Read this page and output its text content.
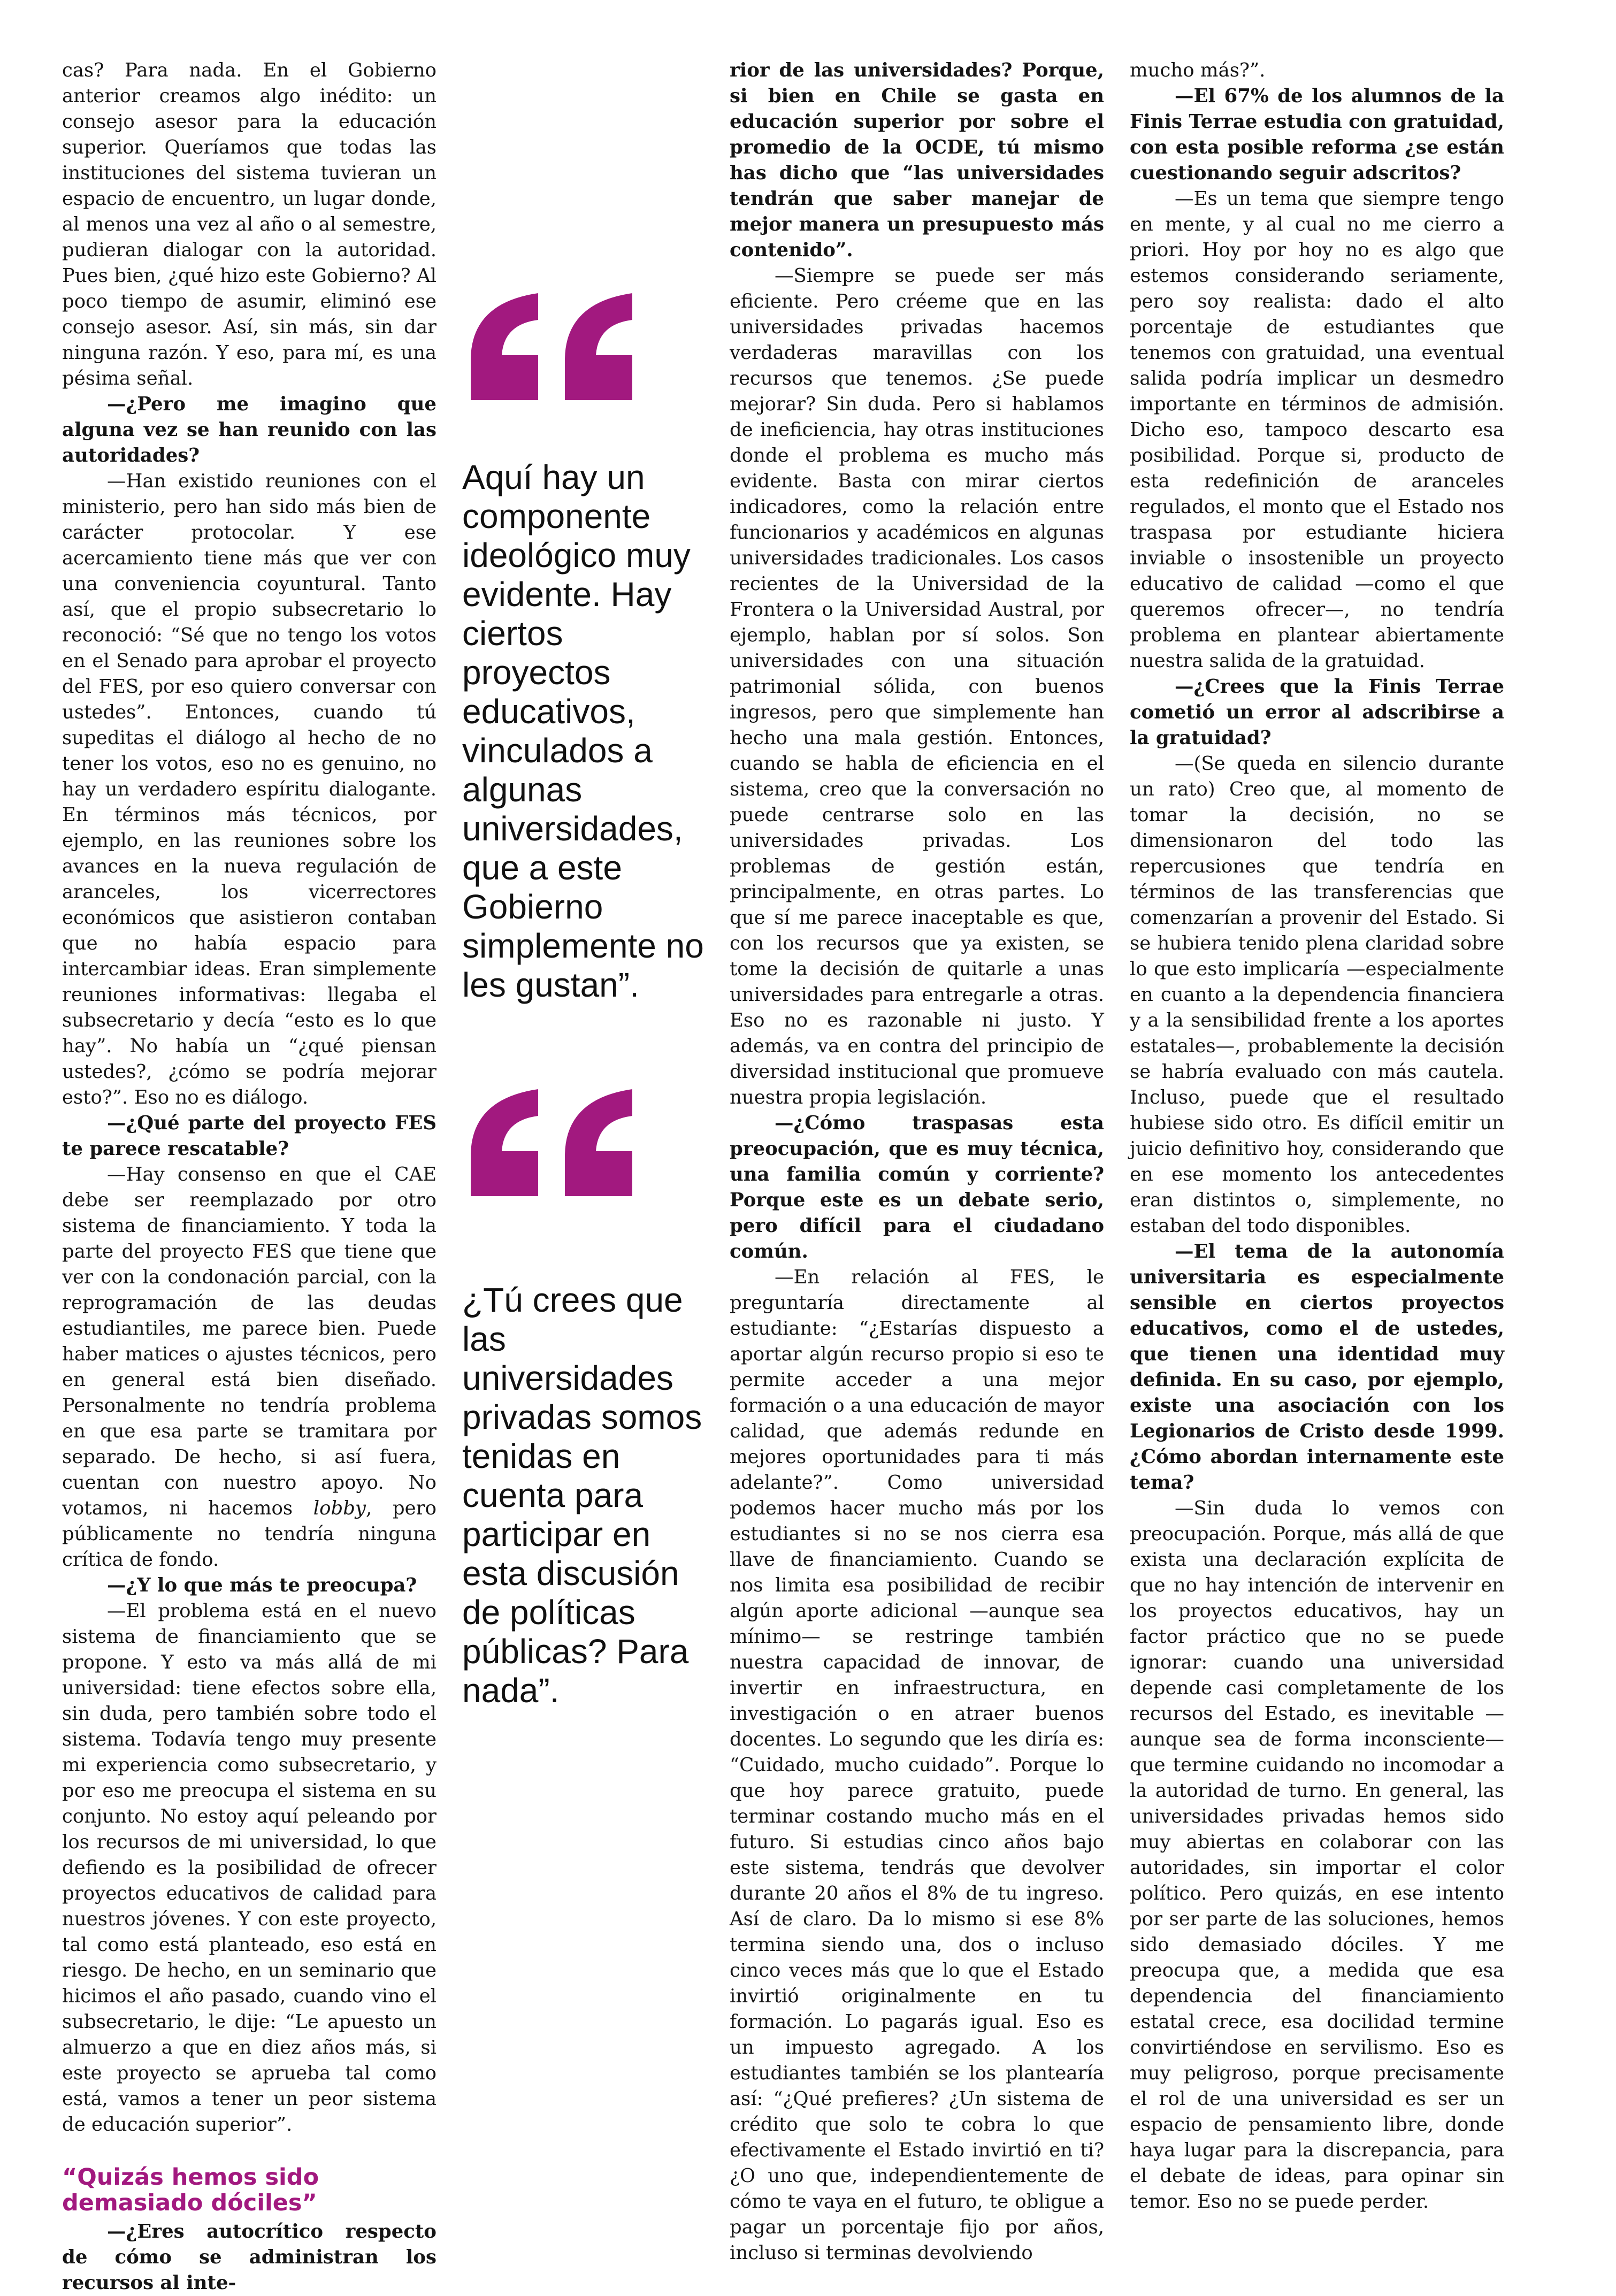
cas? Para nada. En el Gobierno anterior creamos algo inédito: un consejo asesor para la educación superior. Queríamos que todas las instituciones del sistema tuvieran un espacio de encuentro, un lugar donde, al menos una vez al año o al semestre, pudieran dialogar con la autoridad. Pues bien, ¿qué hizo este Gobierno? Al poco tiempo de asumir, eliminó ese consejo asesor. Así, sin más, sin dar ninguna razón. Y eso, para mí, es una pésima señal.

—¿Pero me imagino que alguna vez se han reunido con las autoridades?

—Han existido reuniones con el ministerio, pero han sido más bien de carácter protocolar. Y ese acercamiento tiene más que ver con una conveniencia coyuntural. Tanto así, que el propio subsecretario lo reconoció: “Sé que no tengo los votos en el Senado para aprobar el proyecto del FES, por eso quiero conversar con ustedes”. Entonces, cuando tú supeditas el diálogo al hecho de no tener los votos, eso no es genuino, no hay un verdadero espíritu dialogante. En términos más técnicos, por ejemplo, en las reuniones sobre los avances en la nueva regulación de aranceles, los vicerrectores económicos que asistieron contaban que no había espacio para intercambiar ideas. Eran simplemente reuniones informativas: llegaba el subsecretario y decía “esto es lo que hay”. No había un “¿qué piensan ustedes?, ¿cómo se podría mejorar esto?”. Eso no es diálogo.

—¿Qué parte del proyecto FES te parece rescatable?

—Hay consenso en que el CAE debe ser reemplazado por otro sistema de financiamiento. Y toda la parte del proyecto FES que tiene que ver con la condonación parcial, con la reprogramación de las deudas estudiantiles, me parece bien. Puede haber matices o ajustes técnicos, pero en general está bien diseñado. Personalmente no tendría problema en que esa parte se tramitara por separado. De hecho, si así fuera, cuentan con nuestro apoyo. No votamos, ni hacemos lobby, pero públicamente no tendría ninguna crítica de fondo.

—¿Y lo que más te preocupa?

—El problema está en el nuevo sistema de financiamiento que se propone. Y esto va más allá de mi universidad: tiene efectos sobre ella, sin duda, pero también sobre todo el sistema. Todavía tengo muy presente mi experiencia como subsecretario, y por eso me preocupa el sistema en su conjunto. No estoy aquí peleando por los recursos de mi universidad, lo que defiendo es la posibilidad de ofrecer proyectos educativos de calidad para nuestros jóvenes. Y con este proyecto, tal como está planteado, eso está en riesgo. De hecho, en un seminario que hicimos el año pasado, cuando vino el subsecretario, le dije: “Le apuesto un almuerzo a que en diez años más, si este proyecto se aprueba tal como está, vamos a tener un peor sistema de educación superior”.

“Quizás hemos sido demasiado dóciles”

—¿Eres autocrítico respecto de cómo se administran los recursos al inte-

Aquí hay un componente ideológico muy evidente. Hay ciertos proyectos educativos, vinculados a algunas universidades, que a este Gobierno simplemente no les gustan”.
¿Tú crees que las universidades privadas somos tenidas en cuenta para participar en esta discusión de políticas públicas? Para nada”.

rior de las universidades? Porque, si bien en Chile se gasta en educación superior por sobre el promedio de la OCDE, tú mismo has dicho que “las universidades tendrán que saber manejar de mejor manera un presupuesto más contenido”.

—Siempre se puede ser más eficiente. Pero créeme que en las universidades privadas hacemos verdaderas maravillas con los recursos que tenemos. ¿Se puede mejorar? Sin duda. Pero si hablamos de ineficiencia, hay otras instituciones donde el problema es mucho más evidente. Basta con mirar ciertos indicadores, como la relación entre funcionarios y académicos en algunas universidades tradicionales. Los casos recientes de la Universidad de la Frontera o la Universidad Austral, por ejemplo, hablan por sí solos. Son universidades con una situación patrimonial sólida, con buenos ingresos, pero que simplemente han hecho una mala gestión. Entonces, cuando se habla de eficiencia en el sistema, creo que la conversación no puede centrarse solo en las universidades privadas. Los problemas de gestión están, principalmente, en otras partes. Lo que sí me parece inaceptable es que, con los recursos que ya existen, se tome la decisión de quitarle a unas universidades para entregarle a otras. Eso no es razonable ni justo. Y además, va en contra del principio de diversidad institucional que promueve nuestra propia legislación.

—¿Cómo traspasas esta preocupación, que es muy técnica, una familia común y corriente? Porque este es un debate serio, pero difícil para el ciudadano común.

—En relación al FES, le preguntaría directamente al estudiante: “¿Estarías dispuesto a aportar algún recurso propio si eso te permite acceder a una mejor formación o a una educación de mayor calidad, que además redunde en mejores oportunidades para ti más adelante?”. Como universidad podemos hacer mucho más por los estudiantes si no se nos cierra esa llave de financiamiento. Cuando se nos limita esa posibilidad de recibir algún aporte adicional —aunque sea mínimo— se restringe también nuestra capacidad de innovar, de invertir en infraestructura, en investigación o en atraer buenos docentes. Lo segundo que les diría es: “Cuidado, mucho cuidado”. Porque lo que hoy parece gratuito, puede terminar costando mucho más en el futuro. Si estudias cinco años bajo este sistema, tendrás que devolver durante 20 años el 8% de tu ingreso. Así de claro. Da lo mismo si ese 8% termina siendo una, dos o incluso cinco veces más que lo que el Estado invirtió originalmente en tu formación. Lo pagarás igual. Eso es un impuesto agregado. A los estudiantes también se los plantearía así: “¿Qué prefieres? ¿Un sistema de crédito que solo te cobra lo que efectivamente el Estado invirtió en ti? ¿O uno que, independientemente de cómo te vaya en el futuro, te obligue a pagar un porcentaje fijo por años, incluso si terminas devolviendo

mucho más?”.

—El 67% de los alumnos de la Finis Terrae estudia con gratuidad, con esta posible reforma ¿se están cuestionando seguir adscritos?

—Es un tema que siempre tengo en mente, y al cual no me cierro a priori. Hoy por hoy no es algo que estemos considerando seriamente, pero soy realista: dado el alto porcentaje de estudiantes que tenemos con gratuidad, una eventual salida podría implicar un desmedro importante en términos de admisión. Dicho eso, tampoco descarto esa posibilidad. Porque si, producto de esta redefinición de aranceles regulados, el monto que el Estado nos traspasa por estudiante hiciera inviable o insostenible un proyecto educativo de calidad —como el que queremos ofrecer—, no tendría problema en plantear abiertamente nuestra salida de la gratuidad.

—¿Crees que la Finis Terrae cometió un error al adscribirse a la gratuidad?

—(Se queda en silencio durante un rato) Creo que, al momento de tomar la decisión, no se dimensionaron del todo las repercusiones que tendría en términos de las transferencias que comenzarían a provenir del Estado. Si se hubiera tenido plena claridad sobre lo que esto implicaría —especialmente en cuanto a la dependencia financiera y a la sensibilidad frente a los aportes estatales—, probablemente la decisión se habría evaluado con más cautela. Incluso, puede que el resultado hubiese sido otro. Es difícil emitir un juicio definitivo hoy, considerando que en ese momento los antecedentes eran distintos o, simplemente, no estaban del todo disponibles.

—El tema de la autonomía universitaria es especialmente sensible en ciertos proyectos educativos, como el de ustedes, que tienen una identidad muy definida. En su caso, por ejemplo, existe una asociación con los Legionarios de Cristo desde 1999. ¿Cómo abordan internamente este tema?

—Sin duda lo vemos con preocupación. Porque, más allá de que exista una declaración explícita de que no hay intención de intervenir en los proyectos educativos, hay un factor práctico que no se puede ignorar: cuando una universidad depende casi completamente de los recursos del Estado, es inevitable —aunque sea de forma inconsciente— que termine cuidando no incomodar a la autoridad de turno. En general, las universidades privadas hemos sido muy abiertas en colaborar con las autoridades, sin importar el color político. Pero quizás, en ese intento por ser parte de las soluciones, hemos sido demasiado dóciles. Y me preocupa que, a medida que esa dependencia del financiamiento estatal crece, esa docilidad termine convirtiéndose en servilismo. Eso es muy peligroso, porque precisamente el rol de una universidad es ser un espacio de pensamiento libre, donde haya lugar para la discrepancia, para el debate de ideas, para opinar sin temor. Eso no se puede perder.
